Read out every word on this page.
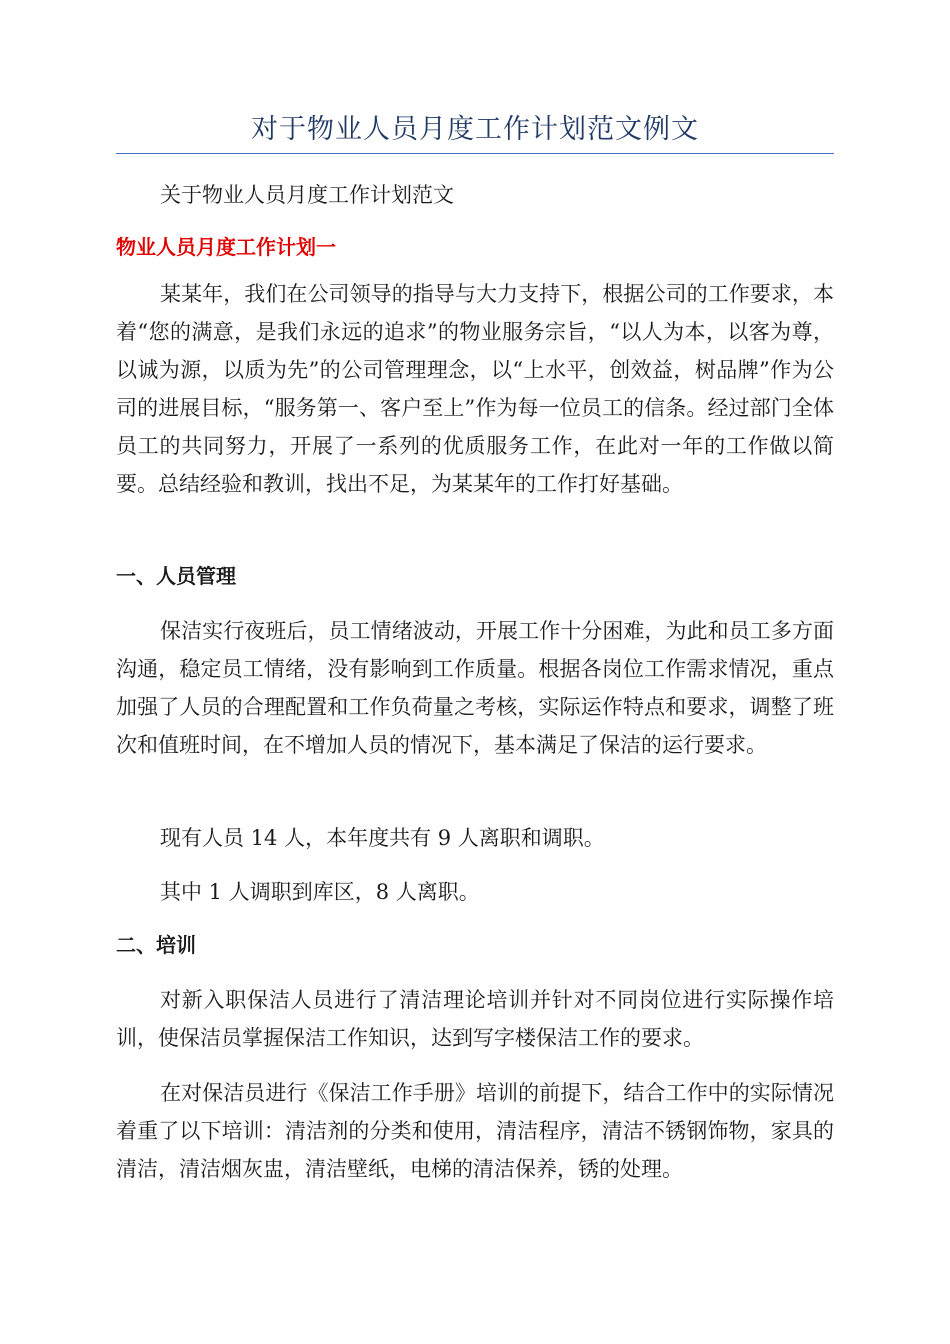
对于物业人员月度工作计划范文例文

关于物业人员月度工作计划范文

物业人员月度工作计划一

某某年，我们在公司领导的指导与大力支持下，根据公司的工作要求，本着“您的满意，是我们永远的追求”的物业服务宗旨，“以人为本，以客为尊，以诚为源，以质为先”的公司管理理念，以“上水平，创效益，树品牌”作为公司的进展目标，“服务第一、客户至上”作为每一位员工的信条。经过部门全体员工的共同努力，开展了一系列的优质服务工作，在此对一年的工作做以简要。总结经验和教训，找出不足，为某某年的工作打好基础。

一、人员管理

保洁实行夜班后，员工情绪波动，开展工作十分困难，为此和员工多方面沟通，稳定员工情绪，没有影响到工作质量。根据各岗位工作需求情况，重点加强了人员的合理配置和工作负荷量之考核，实际运作特点和要求，调整了班次和值班时间，在不增加人员的情况下，基本满足了保洁的运行要求。

现有人员 14 人，本年度共有 9 人离职和调职。

其中 1 人调职到库区，8 人离职。

二、培训

对新入职保洁人员进行了清洁理论培训并针对不同岗位进行实际操作培训，使保洁员掌握保洁工作知识，达到写字楼保洁工作的要求。

在对保洁员进行《保洁工作手册》培训的前提下，结合工作中的实际情况着重了以下培训：清洁剂的分类和使用，清洁程序，清洁不锈钢饰物，家具的清洁，清洁烟灰盅，清洁壁纸，电梯的清洁保养，锈的处理。
